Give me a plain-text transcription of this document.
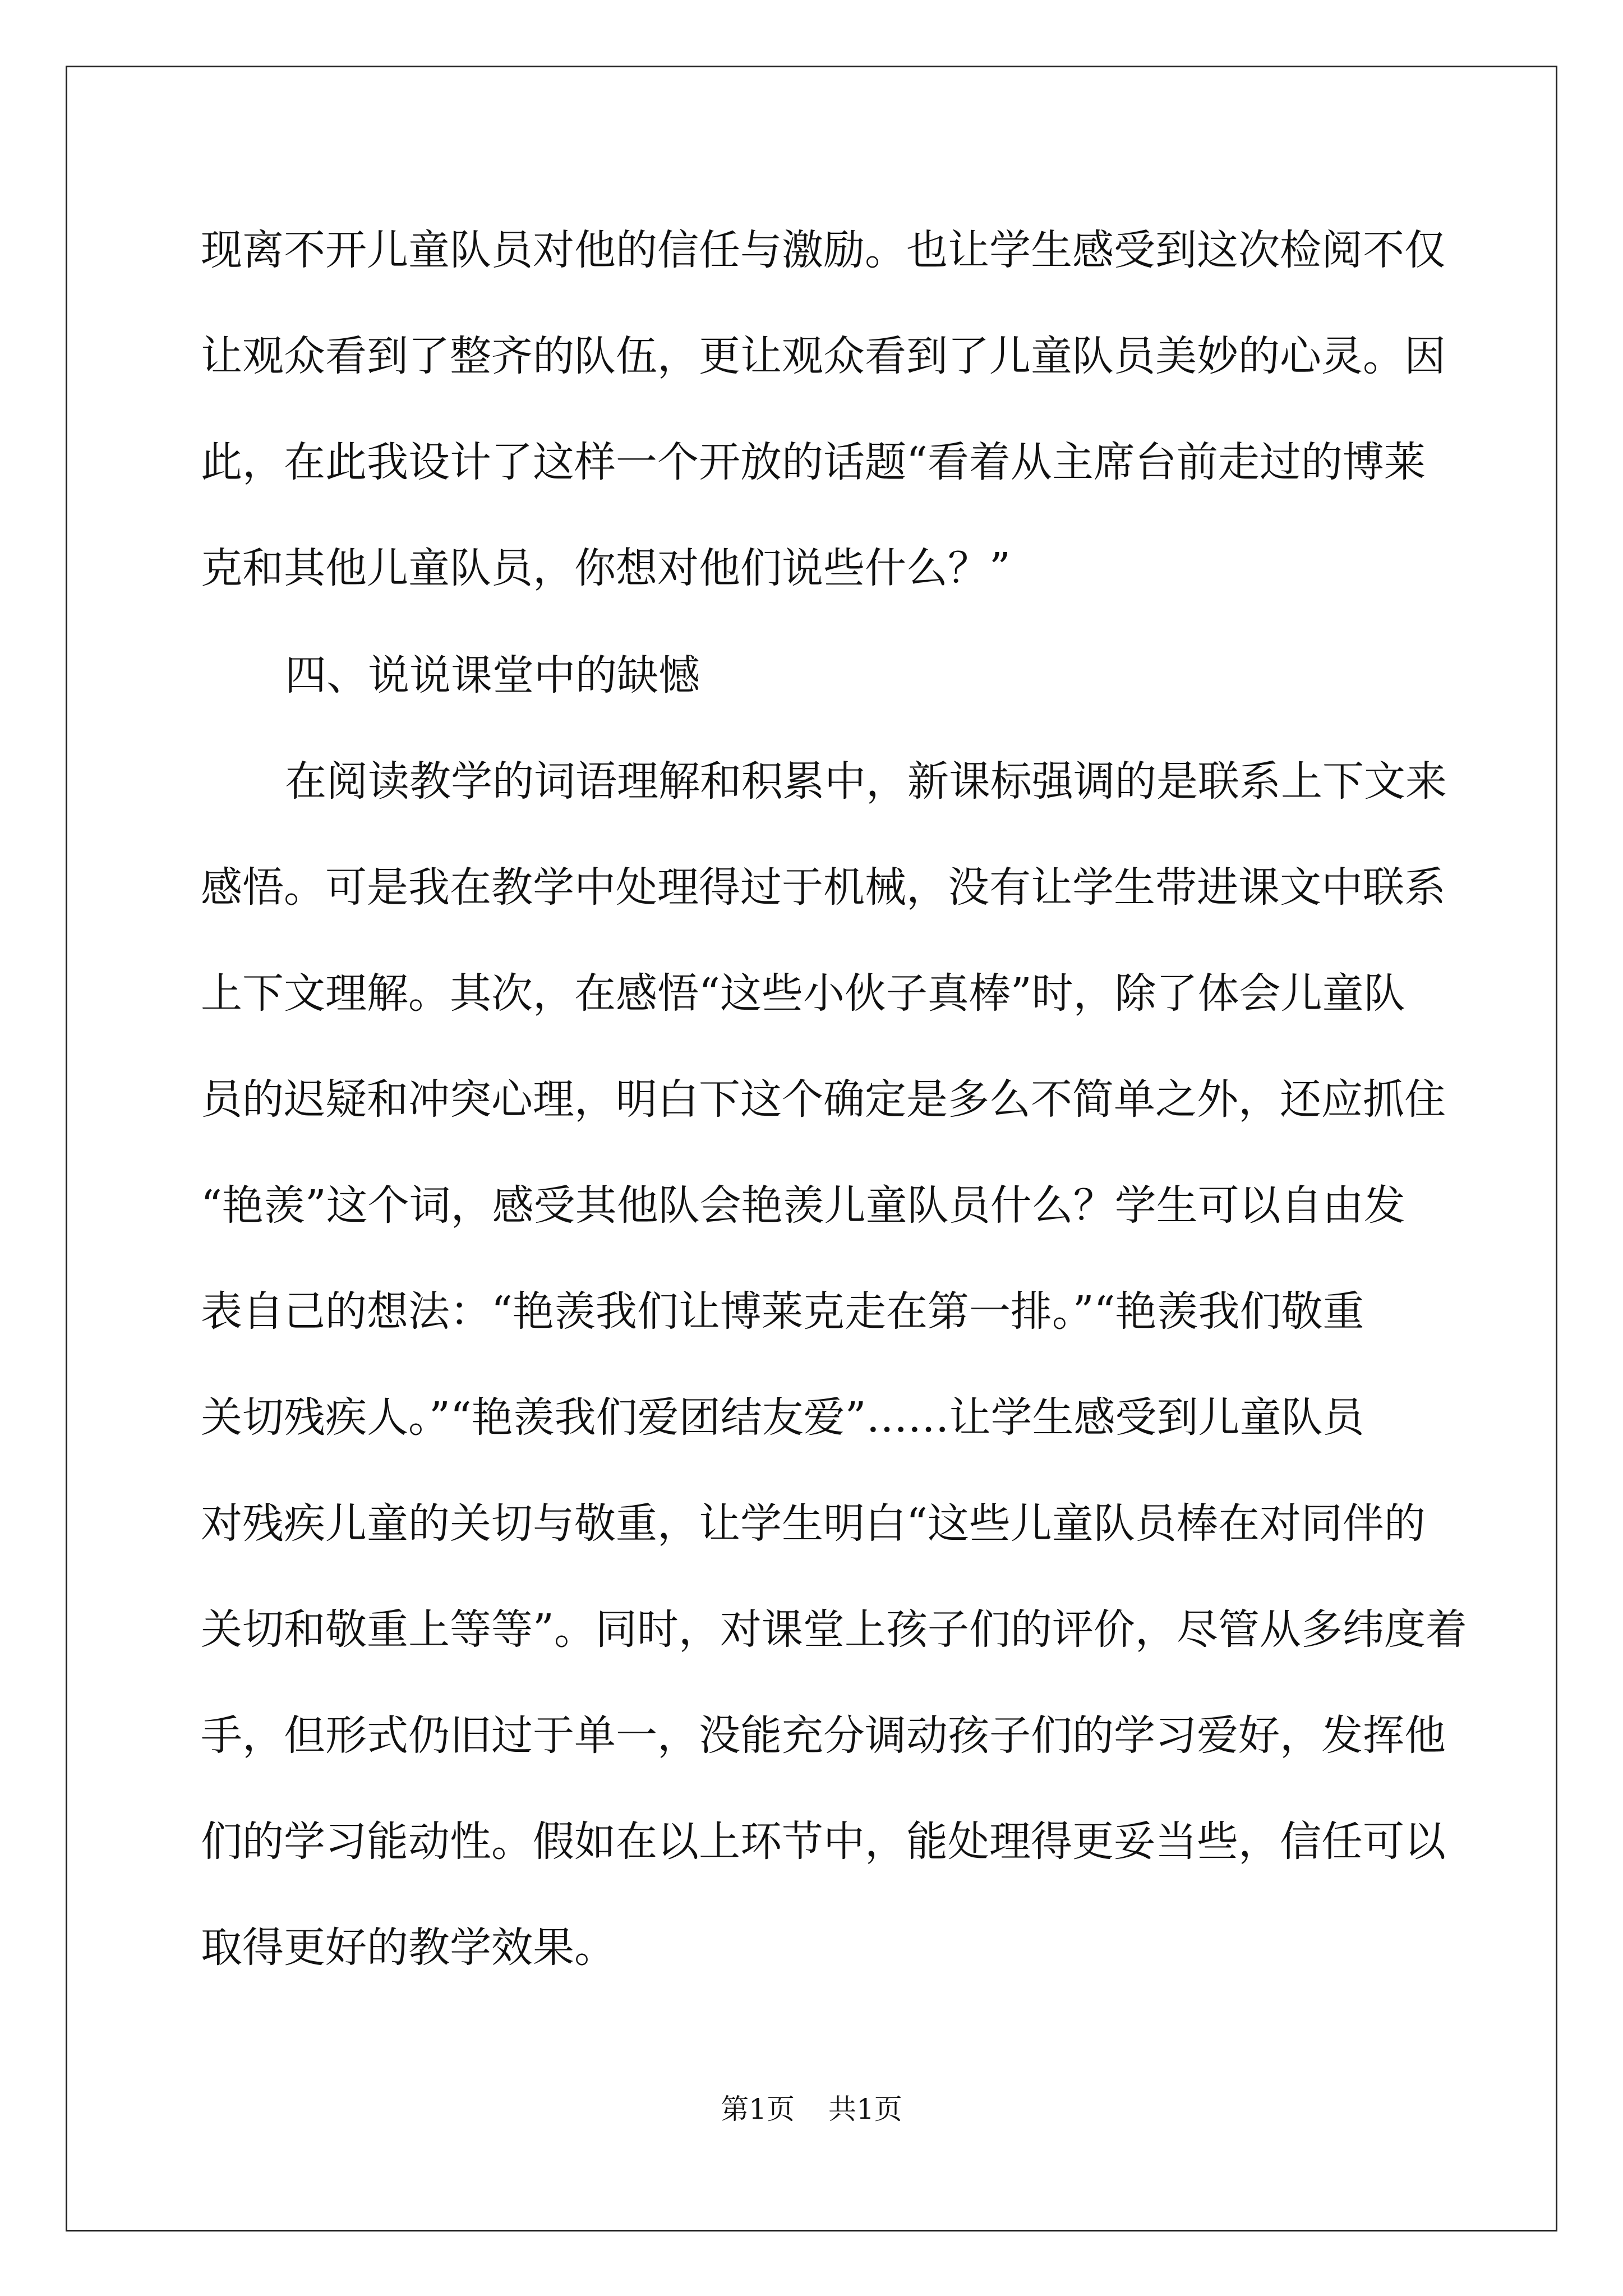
现离不开儿童队员对他的信任与激励。也让学生感受到这次检阅不仅
让观众看到了整齐的队伍，更让观众看到了儿童队员美妙的心灵。因
此，在此我设计了这样一个开放的话题“看着从主席台前走过的博莱
克和其他儿童队员，你想对他们说些什么？”
四、说说课堂中的缺憾
在阅读教学的词语理解和积累中，新课标强调的是联系上下文来
感悟。可是我在教学中处理得过于机械，没有让学生带进课文中联系
上下文理解。其次，在感悟“这些小伙子真棒”时，除了体会儿童队
员的迟疑和冲突心理，明白下这个确定是多么不简单之外，还应抓住
“艳羡”这个词，感受其他队会艳羡儿童队员什么？学生可以自由发
表自己的想法：“艳羡我们让博莱克走在第一排。”“艳羡我们敬重
关切残疾人。”“艳羡我们爱团结友爱”……让学生感受到儿童队员
对残疾儿童的关切与敬重，让学生明白“这些儿童队员棒在对同伴的
关切和敬重上等等”。同时，对课堂上孩子们的评价，尽管从多纬度着
手，但形式仍旧过于单一，没能充分调动孩子们的学习爱好，发挥他
们的学习能动性。假如在以上环节中，能处理得更妥当些，信任可以
取得更好的教学效果。
第1页 共1页
